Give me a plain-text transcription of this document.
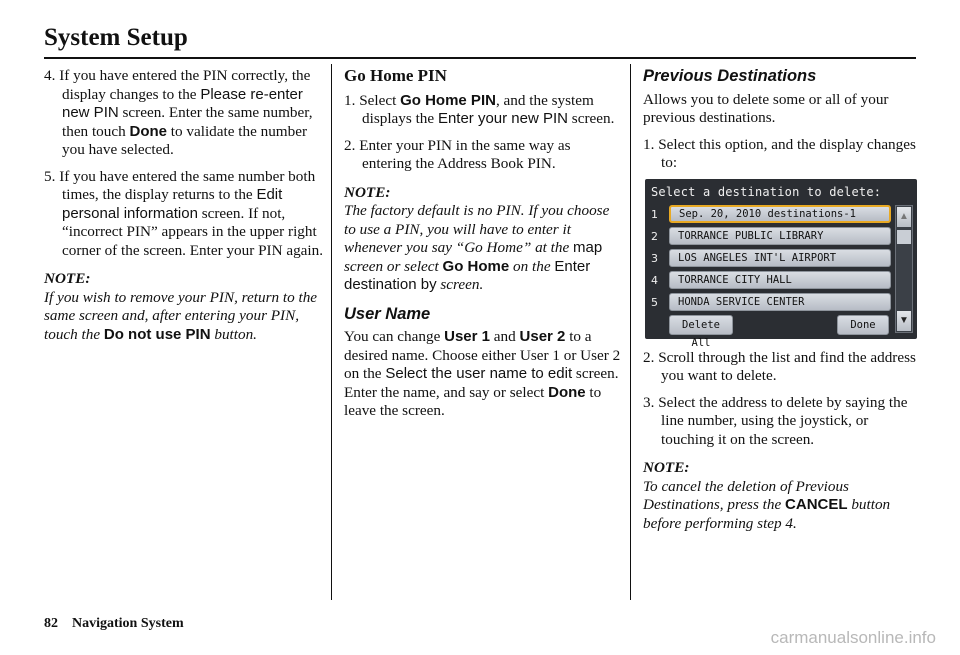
System Setup
4. If you have entered the PIN correctly, the display changes to the Please re-enter new PIN screen. Enter the same number, then touch Done to validate the number you have selected.
5. If you have entered the same number both times, the display returns to the Edit personal information screen. If not, “incorrect PIN” appears in the upper right corner of the screen. Enter your PIN again.
NOTE:
If you wish to remove your PIN, return to the same screen and, after entering your PIN, touch the Do not use PIN button.
Go Home PIN
1. Select Go Home PIN, and the system displays the Enter your new PIN screen.
2. Enter your PIN in the same way as entering the Address Book PIN.
NOTE:
The factory default is no PIN. If you choose to use a PIN, you will have to enter it whenever you say “Go Home” at the map screen or select Go Home on the Enter destination by screen.
User Name

You can change User 1 and User 2 to a desired name. Choose either User 1 or User 2 on the Select the user name to edit screen. Enter the name, and say or select Done to leave the screen.

Previous Destinations

Allows you to delete some or all of your previous destinations.

1. Select this option, and the display changes to:
Select a destination to delete:
1	Sep. 20, 2010 destinations-1
2	TORRANCE PUBLIC LIBRARY
3	LOS ANGELES INT'L AIRPORT
4	TORRANCE CITY HALL
5	HONDA SERVICE CENTER
▲
▼
Delete All
Done
2. Scroll through the list and find the address you want to delete.
3. Select the address to delete by saying the line number, using the joystick, or touching it on the screen.
NOTE:
To cancel the deletion of Previous Destinations, press the CANCEL button before performing step 4.
82 Navigation System
carmanualsonline.info
